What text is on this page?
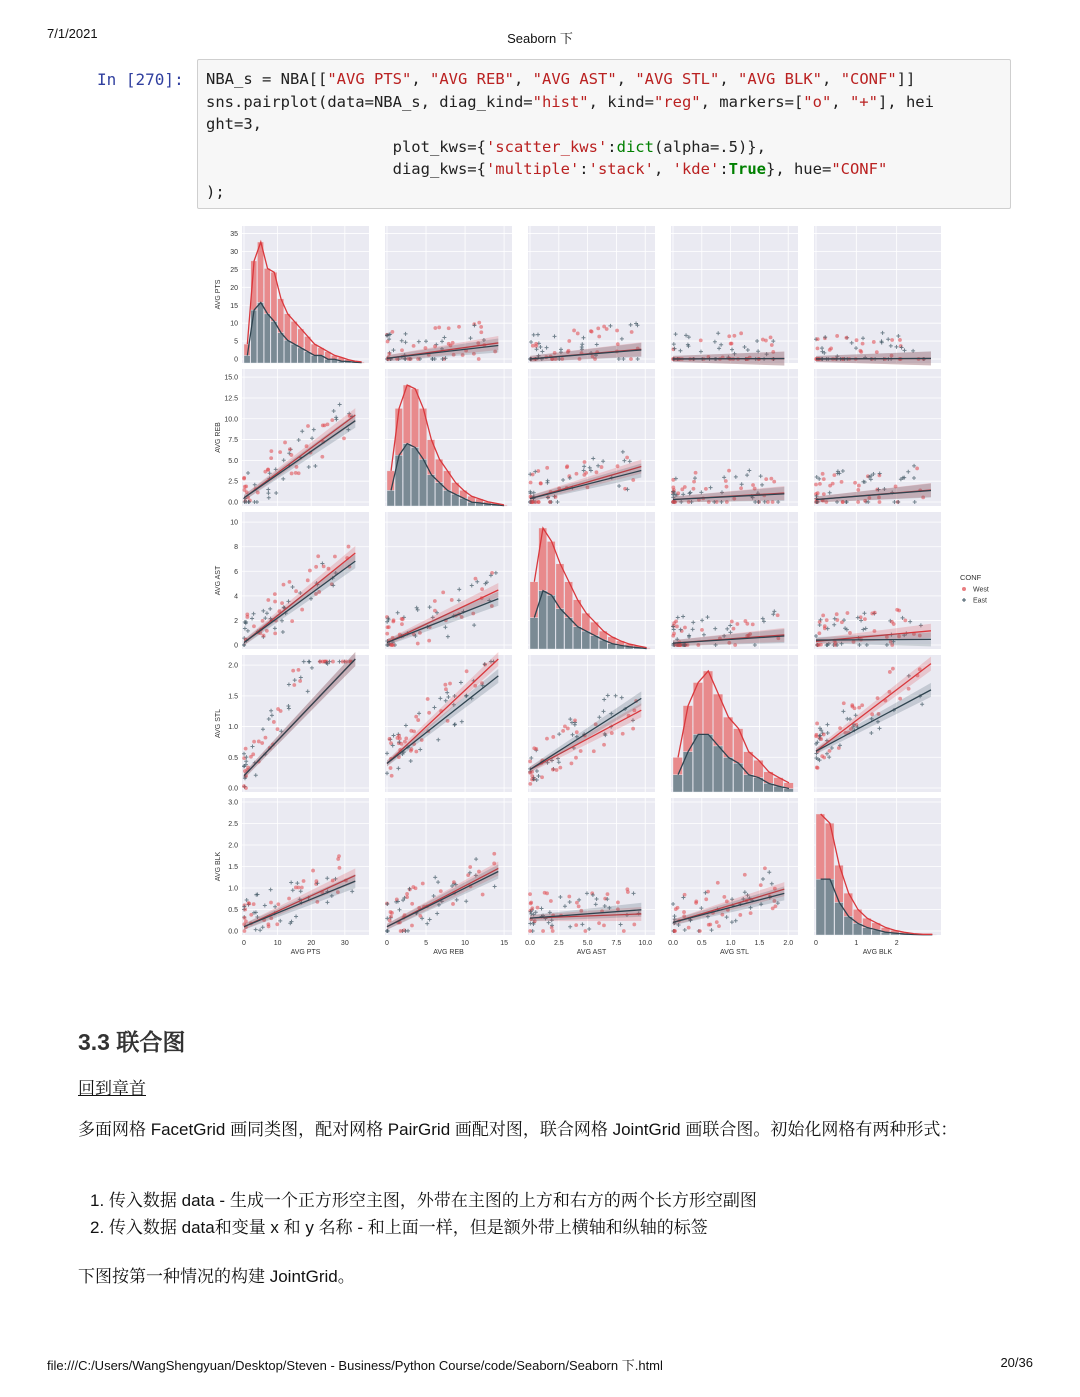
7/1/2021	Seaborn 下
In [270]: NBA_s = NBA[["AVG PTS", "AVG REB", "AVG AST", "AVG STL", "AVG BLK", "CONF"]]
sns.pairplot(data=NBA_s, diag_kind="hist", kind="reg", markers=["o", "+"], hei
ght=3,
plot_kws={'scatter_kws':dict(alpha=.5)},
diag_kws={'multiple':'stack', 'kde':True}, hue="CONF"
);
0
5
10
15
20
25
30
35
AVG PTS
0.0
2.5
5.0
7.5
10.0
12.5
15.0
AVG REB
0
2
4
6
8
10
AVG AST
0.0
0.5
1.0
1.5
2.0
AVG STL
0.0
0.5
1.0
1.5
2.0
2.5
3.0
AVG BLK
0	10	20	30
AVG PTS
0	5	10	15
AVG REB
0.0	2.5	5.0	7.5 10.0
AVG AST
0.0	0.5	1.0	1.5	2.0
AVG STL
0	1	2
AVG BLK
CONF
West
East
3.3 联合图
回到章首
多面网格 FacetGrid 画同类图，配对网格 PairGrid 画配对图，联合网格 JointGrid 画联合图。初始化网格有两种形式：
1. 传入数据 data - 生成一个正方形空主图，外带在主图的上方和右方的两个长方形空副图
2. 传入数据 data和变量 x 和 y 名称 - 和上面一样，但是额外带上横轴和纵轴的标签
下图按第一种情况的构建 JointGrid。
file:///C:/Users/WangShengyuan/Desktop/Steven - Business/Python Course/code/Seaborn/Seaborn 下.html	20/36
